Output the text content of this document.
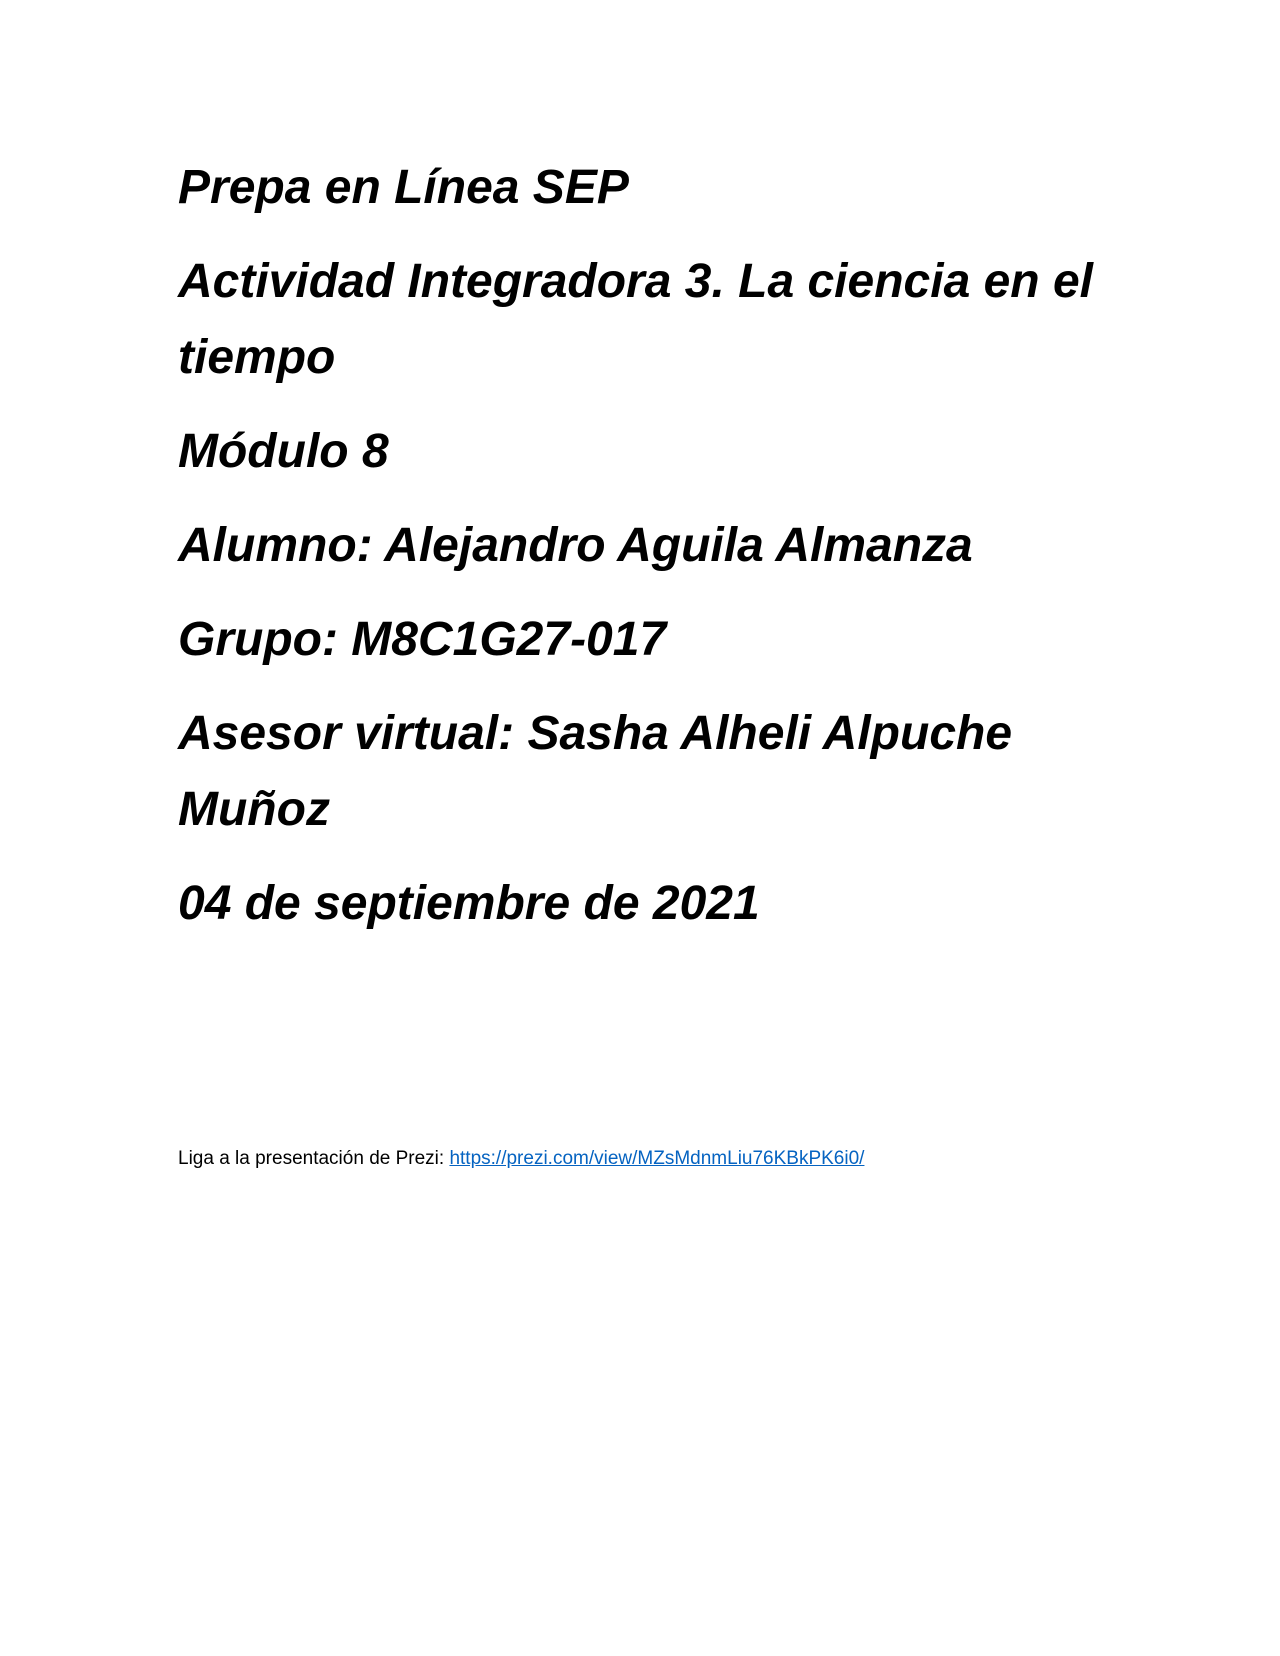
Prepa en Línea SEP

Actividad Integradora 3. La ciencia en el tiempo

Módulo 8

Alumno: Alejandro Aguila Almanza

Grupo: M8C1G27-017

Asesor virtual: Sasha Alheli Alpuche Muñoz

04 de septiembre de 2021

Liga a la presentación de Prezi: https://prezi.com/view/MZsMdnmLiu76KBkPK6i0/
